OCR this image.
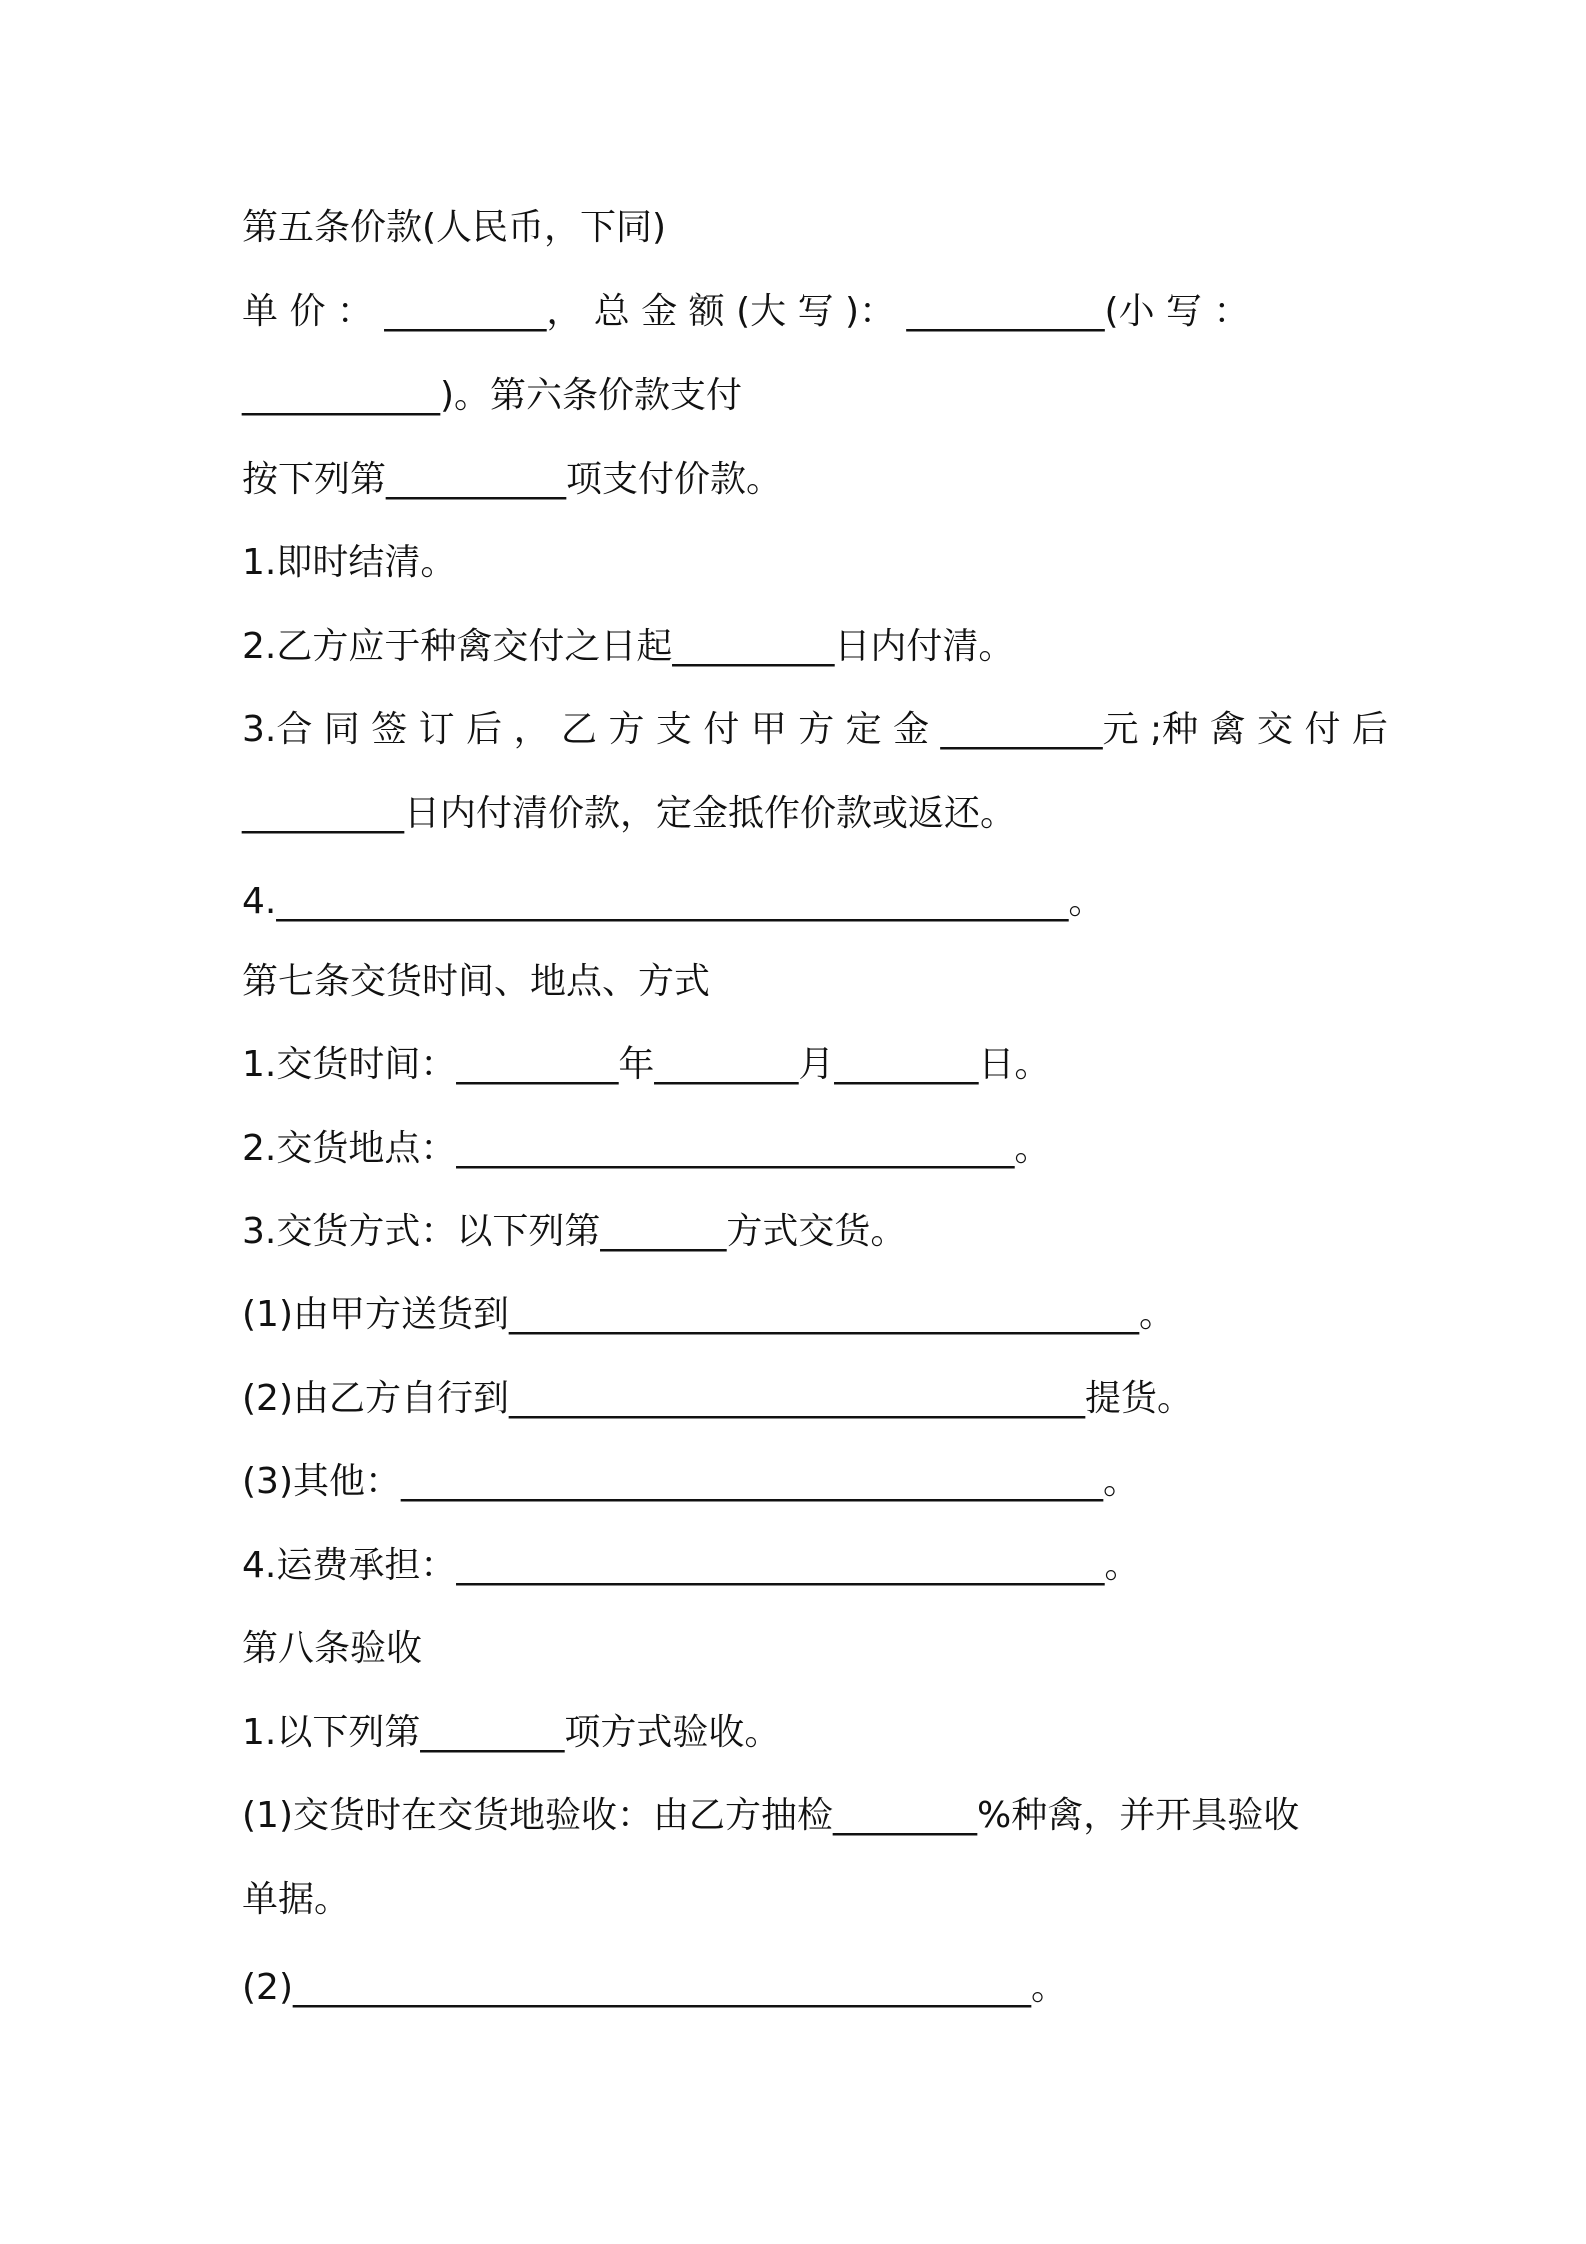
第五条价款(人民币，下同)
单 价 ： _________， 总 金 额 (大 写 )： ___________(小 写 ：
___________)。第六条价款支付
按下列第__________项支付价款。
1.即时结清。
2.乙方应于种禽交付之日起_________日内付清。
3.合 同 签 订 后 ， 乙 方 支 付 甲 方 定 金 _________元 ;种 禽 交 付 后
_________日内付清价款，定金抵作价款或返还。
4.____________________________________________。
第七条交货时间、地点、方式
1.交货时间：_________年________月________日。
2.交货地点：_______________________________。
3.交货方式：以下列第_______方式交货。
(1)由甲方送货到___________________________________。
(2)由乙方自行到________________________________提货。
(3)其他：_______________________________________。
4.运费承担：____________________________________。
第八条验收
1.以下列第________项方式验收。
(1)交货时在交货地验收：由乙方抽检________%种禽，并开具验收
单据。
(2)_________________________________________。
